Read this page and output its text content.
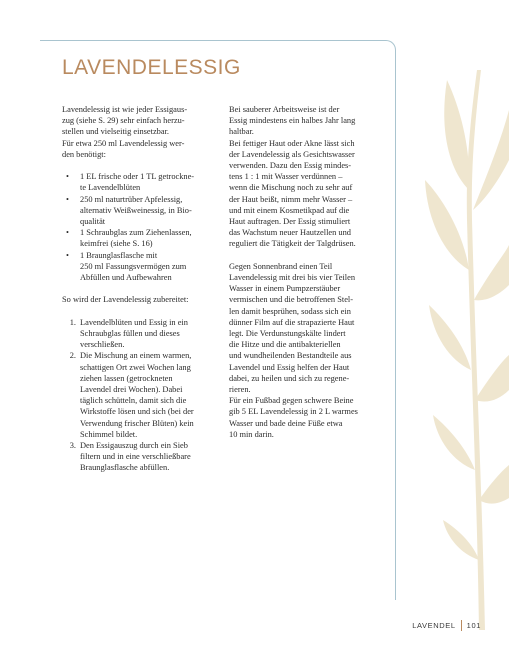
LAVENDELESSIG

Lavendelessig ist wie jeder Essigaus-
zug (siehe S. 29) sehr einfach herzu-
stellen und vielseitig einsetzbar.
Für etwa 250 ml Lavendelessig wer-
den benötigt:

• 1 EL frische oder 1 TL getrockne-
te Lavendelblüten
• 250 ml naturtrüber Apfelessig,
alternativ Weißweinessig, in Bio-
qualität
• 1 Schraubglas zum Ziehenlassen,
keimfrei (siehe S. 16)
• 1 Braunglasflasche mit
250 ml Fassungsvermögen zum
Abfüllen und Aufbewahren

So wird der Lavendelessig zubereitet:

1. Lavendelblüten und Essig in ein
Schraubglas füllen und dieses
verschließen.
2. Die Mischung an einem warmen,
schattigen Ort zwei Wochen lang
ziehen lassen (getrockneten
Lavendel drei Wochen). Dabei
täglich schütteln, damit sich die
Wirkstoffe lösen und sich (bei der
Verwendung frischer Blüten) kein
Schimmel bildet.
3. Den Essigauszug durch ein Sieb
filtern und in eine verschließbare
Braunglasflasche abfüllen.

Bei sauberer Arbeitsweise ist der
Essig mindestens ein halbes Jahr lang
haltbar.
Bei fettiger Haut oder Akne lässt sich
der Lavendelessig als Gesichtswasser
verwenden. Dazu den Essig mindes-
tens 1 : 1 mit Wasser verdünnen –
wenn die Mischung noch zu sehr auf
der Haut beißt, nimm mehr Wasser –
und mit einem Kosmetikpad auf die
Haut auftragen. Der Essig stimuliert
das Wachstum neuer Hautzellen und
reguliert die Tätigkeit der Talgdrüsen.

Gegen Sonnenbrand einen Teil
Lavendelessig mit drei bis vier Teilen
Wasser in einem Pumpzerstäuber
vermischen und die betroffenen Stel-
len damit besprühen, sodass sich ein
dünner Film auf die strapazierte Haut
legt. Die Verdunstungskälte lindert
die Hitze und die antibakteriellen
und wundheilenden Bestandteile aus
Lavendel und Essig helfen der Haut
dabei, zu heilen und sich zu regene-
rieren.
Für ein Fußbad gegen schwere Beine
gib 5 EL Lavendelessig in 2 L warmes
Wasser und bade deine Füße etwa
10 min darin.

LAVENDEL 101
